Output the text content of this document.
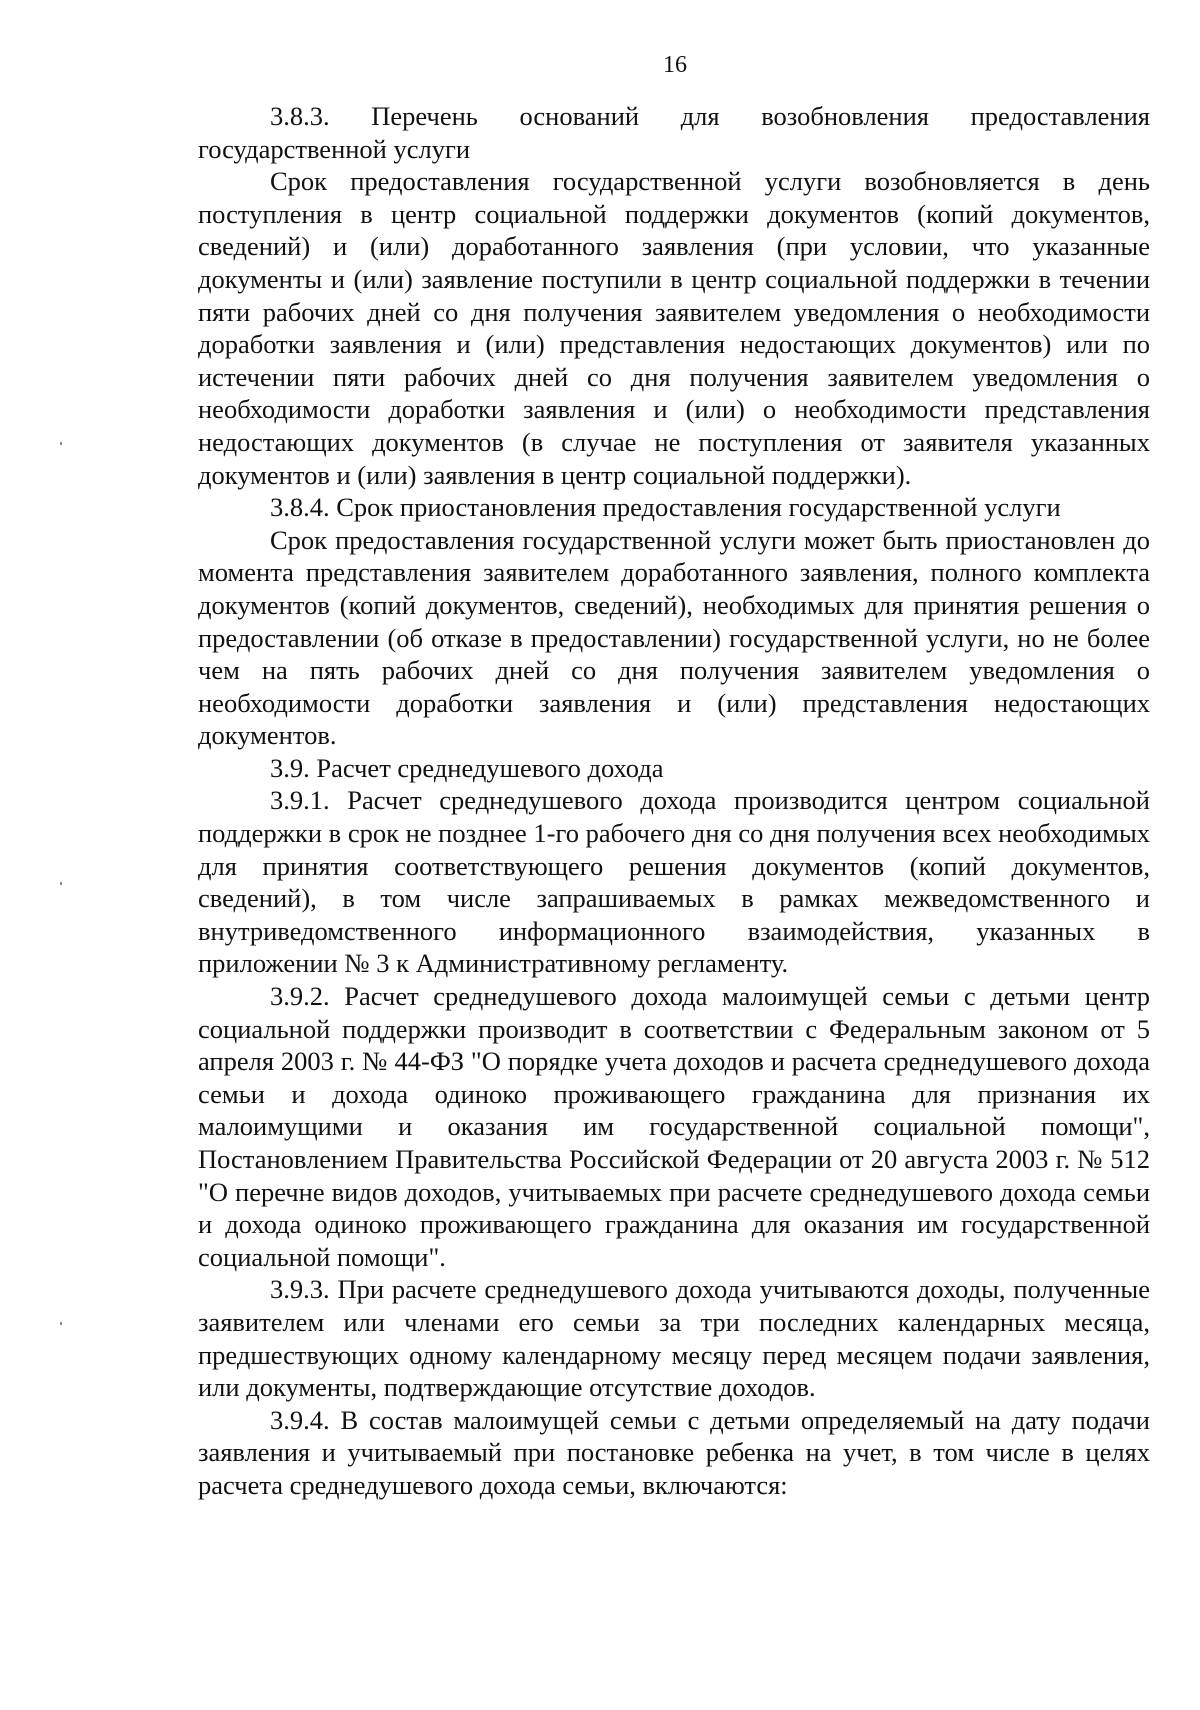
16

3.8.3. Перечень оснований для возобновления предоставления государственной услуги

Срок предоставления государственной услуги возобновляется в день поступления в центр социальной поддержки документов (копий документов, сведений) и (или) доработанного заявления (при условии, что указанные документы и (или) заявление поступили в центр социальной поддержки в течении пяти рабочих дней со дня получения заявителем уведомления о необходимости доработки заявления и (или) представления недостающих документов) или по истечении пяти рабочих дней со дня получения заявителем уведомления о необходимости доработки заявления и (или) о необходимости представления недостающих документов (в случае не поступления от заявителя указанных документов и (или) заявления в центр социальной поддержки).

3.8.4. Срок приостановления предоставления государственной услуги

Срок предоставления государственной услуги может быть приостановлен до момента представления заявителем доработанного заявления, полного комплекта документов (копий документов, сведений), необходимых для принятия решения о предоставлении (об отказе в предоставлении) государственной услуги, но не более чем на пять рабочих дней со дня получения заявителем уведомления о необходимости доработки заявления и (или) представления недостающих документов.

3.9. Расчет среднедушевого дохода

3.9.1. Расчет среднедушевого дохода производится центром социальной поддержки в срок не позднее 1-го рабочего дня со дня получения всех необходимых для принятия соответствующего решения документов (копий документов, сведений), в том числе запрашиваемых в рамках межведомственного и внутриведомственного информационного взаимодействия, указанных в приложении № 3 к Административному регламенту.

3.9.2. Расчет среднедушевого дохода малоимущей семьи с детьми центр социальной поддержки производит в соответствии с Федеральным законом от 5 апреля 2003 г. № 44-ФЗ "О порядке учета доходов и расчета среднедушевого дохода семьи и дохода одиноко проживающего гражданина для признания их малоимущими и оказания им государственной социальной помощи", Постановлением Правительства Российской Федерации от 20 августа 2003 г. № 512 "О перечне видов доходов, учитываемых при расчете среднедушевого дохода семьи и дохода одиноко проживающего гражданина для оказания им государственной социальной помощи".

3.9.3. При расчете среднедушевого дохода учитываются доходы, полученные заявителем или членами его семьи за три последних календарных месяца, предшествующих одному календарному месяцу перед месяцем подачи заявления, или документы, подтверждающие отсутствие доходов.

3.9.4. В состав малоимущей семьи с детьми определяемый на дату подачи заявления и учитываемый при постановке ребенка на учет, в том числе в целях расчета среднедушевого дохода семьи, включаются:
